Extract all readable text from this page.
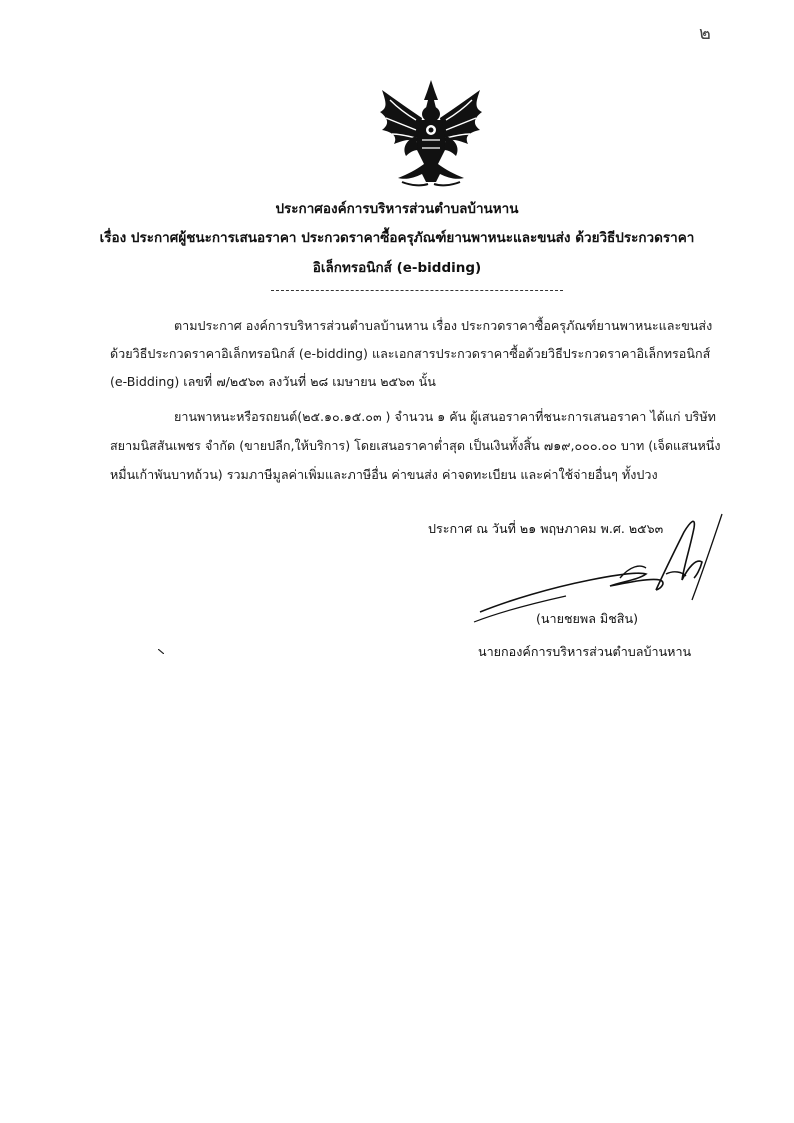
๒
ประกาศองค์การบริหารส่วนตำบลบ้านหาน
เรื่อง ประกาศผู้ชนะการเสนอราคา ประกวดราคาซื้อครุภัณฑ์ยานพาหนะและขนส่ง ด้วยวิธีประกวดราคา
อิเล็กทรอนิกส์ (e-bidding)
ตามประกาศ องค์การบริหารส่วนตำบลบ้านหาน เรื่อง ประกวดราคาซื้อครุภัณฑ์ยานพาหนะและขนส่ง
ด้วยวิธีประกวดราคาอิเล็กทรอนิกส์ (e-bidding) และเอกสารประกวดราคาซื้อด้วยวิธีประกวดราคาอิเล็กทรอนิกส์
(e-Bidding) เลขที่ ๗/๒๕๖๓ ลงวันที่ ๒๘ เมษายน ๒๕๖๓ นั้น
ยานพาหนะหรือรถยนต์(๒๕.๑๐.๑๕.๐๓ ) จำนวน ๑ คัน ผู้เสนอราคาที่ชนะการเสนอราคา ได้แก่ บริษัท
สยามนิสสันเพชร จำกัด (ขายปลีก,ให้บริการ) โดยเสนอราคาต่ำสุด เป็นเงินทั้งสิ้น ๗๑๙,๐๐๐.๐๐ บาท (เจ็ดแสนหนึ่ง
หมื่นเก้าพันบาทถ้วน) รวมภาษีมูลค่าเพิ่มและภาษีอื่น ค่าขนส่ง ค่าจดทะเบียน และค่าใช้จ่ายอื่นๆ ทั้งปวง
ประกาศ ณ วันที่ ๒๑ พฤษภาคม พ.ศ. ๒๕๖๓
(นายชยพล มิชสิน)
นายกองค์การบริหารส่วนตำบลบ้านหาน
